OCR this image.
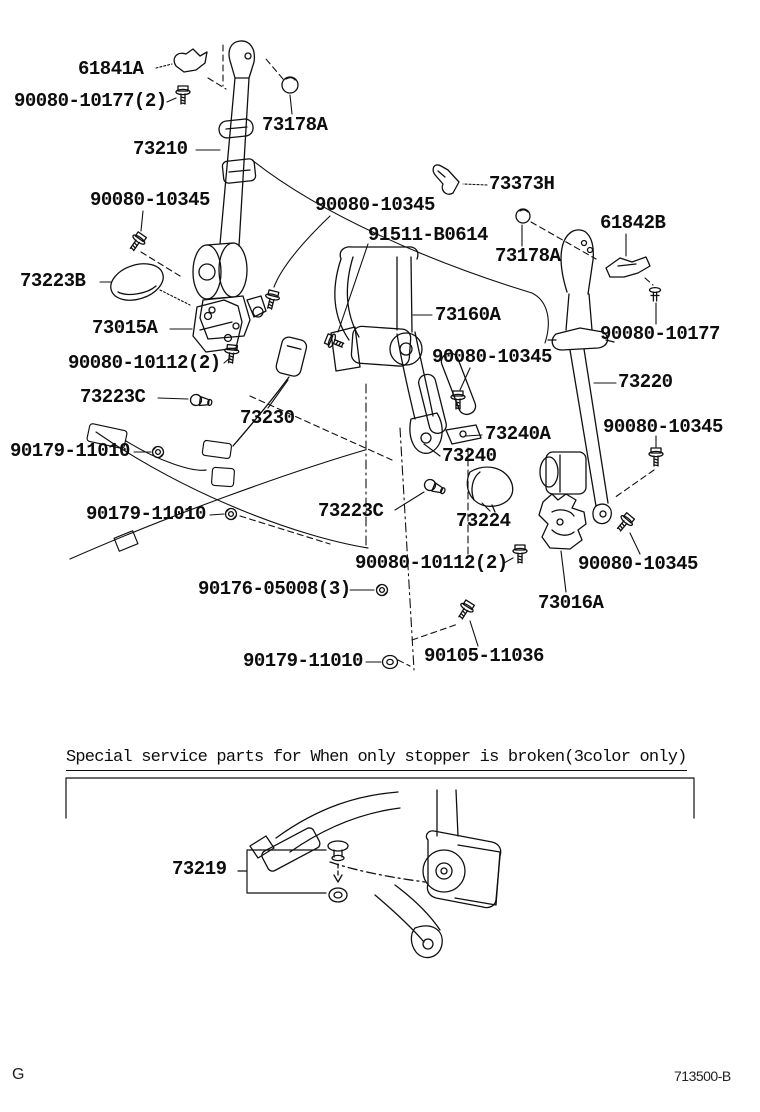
61841A
90080-10177(2)
73178A
73210
90080-10345	90080-10345
91511-B0614
73373H
61842B
73178A
73160A
90080-10177
73223B
73015A
90080-10112(2)
73223C
73230
90080-10345
73220
90080-10345
73240A
73240
90179-11010
90179-11010	73223C	73224
90080-10112(2)	90080-10345
90176-05008(3)
73016A
90179-11010	90105-11036
73219
Special service parts for When only stopper is broken(3color only)
G	713500-B
